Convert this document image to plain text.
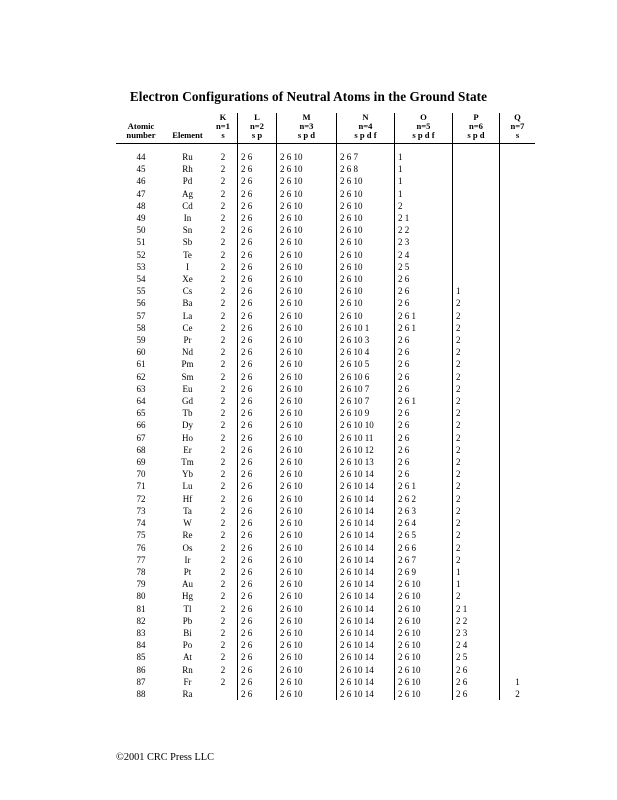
Electron Configurations of Neutral Atoms in the Ground State
		K	L	M	N	O	P	Q
Atomic		n=1	n=2	n=3	n=4	n=5	n=6	n=7
number	Element	s	s p	s p d	s p d f	s p d f	s p d	s

44	Ru	2	2 6	2 6 10	2 6 7	1		
45	Rh	2	2 6	2 6 10	2 6 8	1		
46	Pd	2	2 6	2 6 10	2 6 10	1		
47	Ag	2	2 6	2 6 10	2 6 10	1		
48	Cd	2	2 6	2 6 10	2 6 10	2		
49	In	2	2 6	2 6 10	2 6 10	2 1		
50	Sn	2	2 6	2 6 10	2 6 10	2 2		
51	Sb	2	2 6	2 6 10	2 6 10	2 3		
52	Te	2	2 6	2 6 10	2 6 10	2 4		
53	I	2	2 6	2 6 10	2 6 10	2 5		
54	Xe	2	2 6	2 6 10	2 6 10	2 6		
55	Cs	2	2 6	2 6 10	2 6 10	2 6	1	
56	Ba	2	2 6	2 6 10	2 6 10	2 6	2	
57	La	2	2 6	2 6 10	2 6 10	2 6 1	2	
58	Ce	2	2 6	2 6 10	2 6 10 1	2 6 1	2	
59	Pr	2	2 6	2 6 10	2 6 10 3	2 6	2	
60	Nd	2	2 6	2 6 10	2 6 10 4	2 6	2	
61	Pm	2	2 6	2 6 10	2 6 10 5	2 6	2	
62	Sm	2	2 6	2 6 10	2 6 10 6	2 6	2	
63	Eu	2	2 6	2 6 10	2 6 10 7	2 6	2	
64	Gd	2	2 6	2 6 10	2 6 10 7	2 6 1	2	
65	Tb	2	2 6	2 6 10	2 6 10 9	2 6	2	
66	Dy	2	2 6	2 6 10	2 6 10 10	2 6	2	
67	Ho	2	2 6	2 6 10	2 6 10 11	2 6	2	
68	Er	2	2 6	2 6 10	2 6 10 12	2 6	2	
69	Tm	2	2 6	2 6 10	2 6 10 13	2 6	2	
70	Yb	2	2 6	2 6 10	2 6 10 14	2 6	2	
71	Lu	2	2 6	2 6 10	2 6 10 14	2 6 1	2	
72	Hf	2	2 6	2 6 10	2 6 10 14	2 6 2	2	
73	Ta	2	2 6	2 6 10	2 6 10 14	2 6 3	2	
74	W	2	2 6	2 6 10	2 6 10 14	2 6 4	2	
75	Re	2	2 6	2 6 10	2 6 10 14	2 6 5	2	
76	Os	2	2 6	2 6 10	2 6 10 14	2 6 6	2	
77	Ir	2	2 6	2 6 10	2 6 10 14	2 6 7	2	
78	Pt	2	2 6	2 6 10	2 6 10 14	2 6 9	1	
79	Au	2	2 6	2 6 10	2 6 10 14	2 6 10	1	
80	Hg	2	2 6	2 6 10	2 6 10 14	2 6 10	2	
81	Tl	2	2 6	2 6 10	2 6 10 14	2 6 10	2 1	
82	Pb	2	2 6	2 6 10	2 6 10 14	2 6 10	2 2	
83	Bi	2	2 6	2 6 10	2 6 10 14	2 6 10	2 3	
84	Po	2	2 6	2 6 10	2 6 10 14	2 6 10	2 4	
85	At	2	2 6	2 6 10	2 6 10 14	2 6 10	2 5	
86	Rn	2	2 6	2 6 10	2 6 10 14	2 6 10	2 6	
87	Fr	2	2 6	2 6 10	2 6 10 14	2 6 10	2 6	1
88	Ra		2 6	2 6 10	2 6 10 14	2 6 10	2 6	2
©2001 CRC Press LLC
